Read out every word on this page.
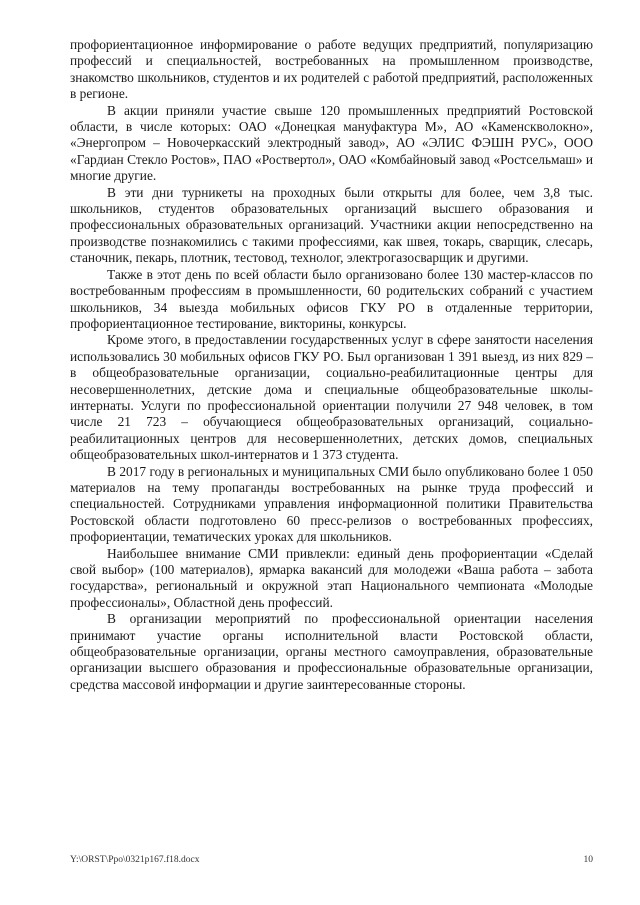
профориентационное информирование о работе ведущих предприятий, популяризацию профессий и специальностей, востребованных на промышленном производстве, знакомство школьников, студентов и их родителей с работой предприятий, расположенных в регионе.

В акции приняли участие свыше 120 промышленных предприятий Ростовской области, в числе которых: ОАО «Донецкая мануфактура М», АО «Каменскволокно», «Энергопром – Новочеркасский электродный завод», АО «ЭЛИС ФЭШН РУС», ООО «Гардиан Стекло Ростов», ПАО «Роствертол», ОАО «Комбайновый завод «Ростсельмаш» и многие другие.

В эти дни турникеты на проходных были открыты для более, чем 3,8 тыс. школьников, студентов образовательных организаций высшего образования и профессиональных образовательных организаций. Участники акции непосредственно на производстве познакомились с такими профессиями, как швея, токарь, сварщик, слесарь, станочник, пекарь, плотник, тестовод, технолог, электрогазосварщик и другими.

Также в этот день по всей области было организовано более 130 мастер-классов по востребованным профессиям в промышленности, 60 родительских собраний с участием школьников, 34 выезда мобильных офисов ГКУ РО в отдаленные территории, профориентационное тестирование, викторины, конкурсы.

Кроме этого, в предоставлении государственных услуг в сфере занятости населения использовались 30 мобильных офисов ГКУ РО. Был организован 1 391 выезд, из них 829 – в общеобразовательные организации, социально-реабилитационные центры для несовершеннолетних, детские дома и специальные общеобразовательные школы-интернаты. Услуги по профессиональной ориентации получили 27 948 человек, в том числе 21 723 – обучающиеся общеобразовательных организаций, социально-реабилитационных центров для несовершеннолетних, детских домов, специальных общеобразовательных школ-интернатов и 1 373 студента.

В 2017 году в региональных и муниципальных СМИ было опубликовано более 1 050 материалов на тему пропаганды востребованных на рынке труда профессий и специальностей. Сотрудниками управления информационной политики Правительства Ростовской области подготовлено 60 пресс-релизов о востребованных профессиях, профориентации, тематических уроках для школьников.

Наибольшее внимание СМИ привлекли: единый день профориентации «Сделай свой выбор» (100 материалов), ярмарка вакансий для молодежи «Ваша работа – забота государства», региональный и окружной этап Национального чемпионата «Молодые профессионалы», Областной день профессий.

В организации мероприятий по профессиональной ориентации населения принимают участие органы исполнительной власти Ростовской области, общеобразовательные организации, органы местного самоуправления, образовательные организации высшего образования и профессиональные образовательные организации, средства массовой информации и другие заинтересованные стороны.

Y:\ORST\Ppo\0321p167.f18.docx	10
